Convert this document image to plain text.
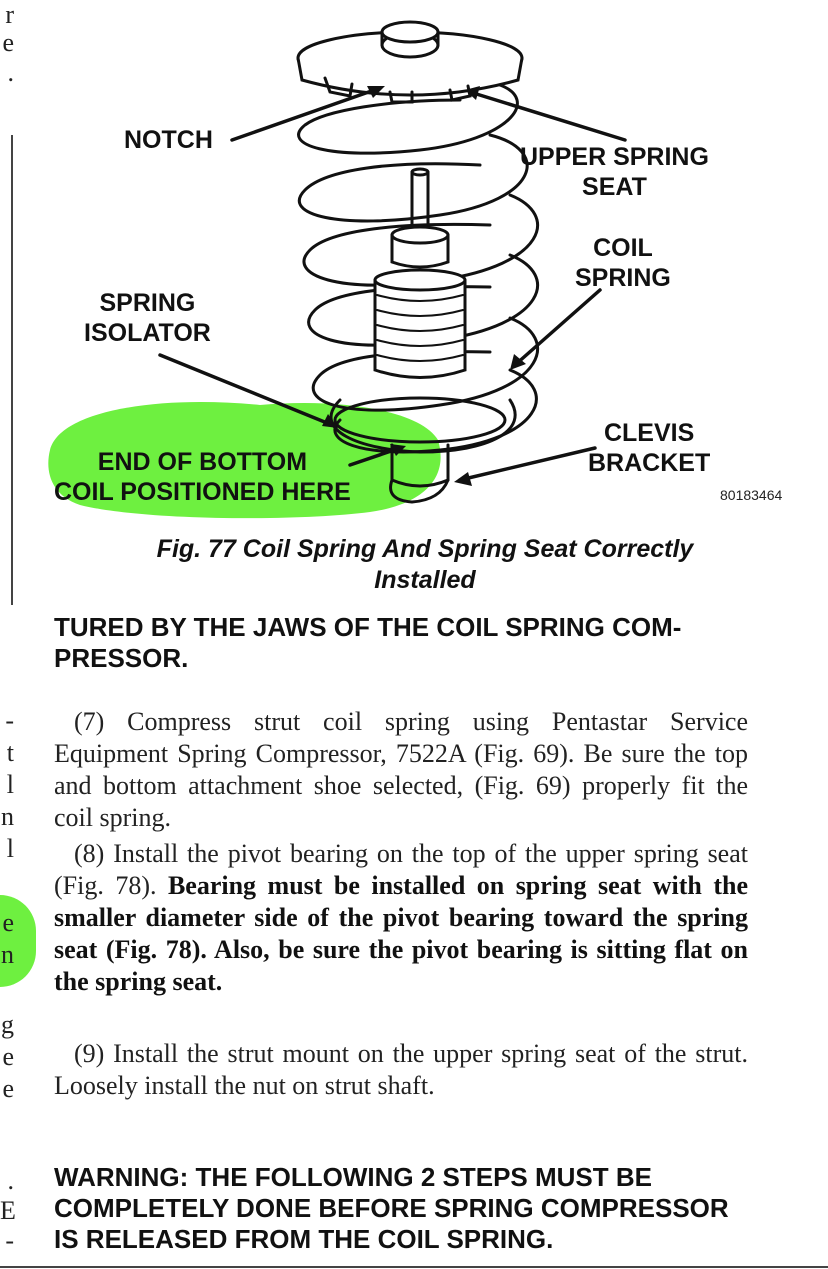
r
e
.
-
t
l
n
l
e
n
g
e
e
.
E
-
NOTCH
UPPER SPRING
SEAT
COIL
SPRING
SPRING
ISOLATOR
CLEVIS
BRACKET
END OF BOTTOM
COIL POSITIONED HERE	80183464
Fig. 77 Coil Spring And Spring Seat Correctly
Installed
TURED BY THE JAWS OF THE COIL SPRING COMPRESSOR.

(7) Compress strut coil spring using Pentastar Service Equipment Spring Compressor, 7522A (Fig. 69). Be sure the top and bottom attachment shoe selected, (Fig. 69) properly fit the coil spring.

(8) Install the pivot bearing on the top of the upper spring seat (Fig. 78). Bearing must be installed on spring seat with the smaller diameter side of the pivot bearing toward the spring seat (Fig. 78). Also, be sure the pivot bearing is sitting flat on the spring seat.

(9) Install the strut mount on the upper spring seat of the strut. Loosely install the nut on strut shaft.

WARNING: THE FOLLOWING 2 STEPS MUST BE COMPLETELY DONE BEFORE SPRING COMPRESSOR IS RELEASED FROM THE COIL SPRING.
